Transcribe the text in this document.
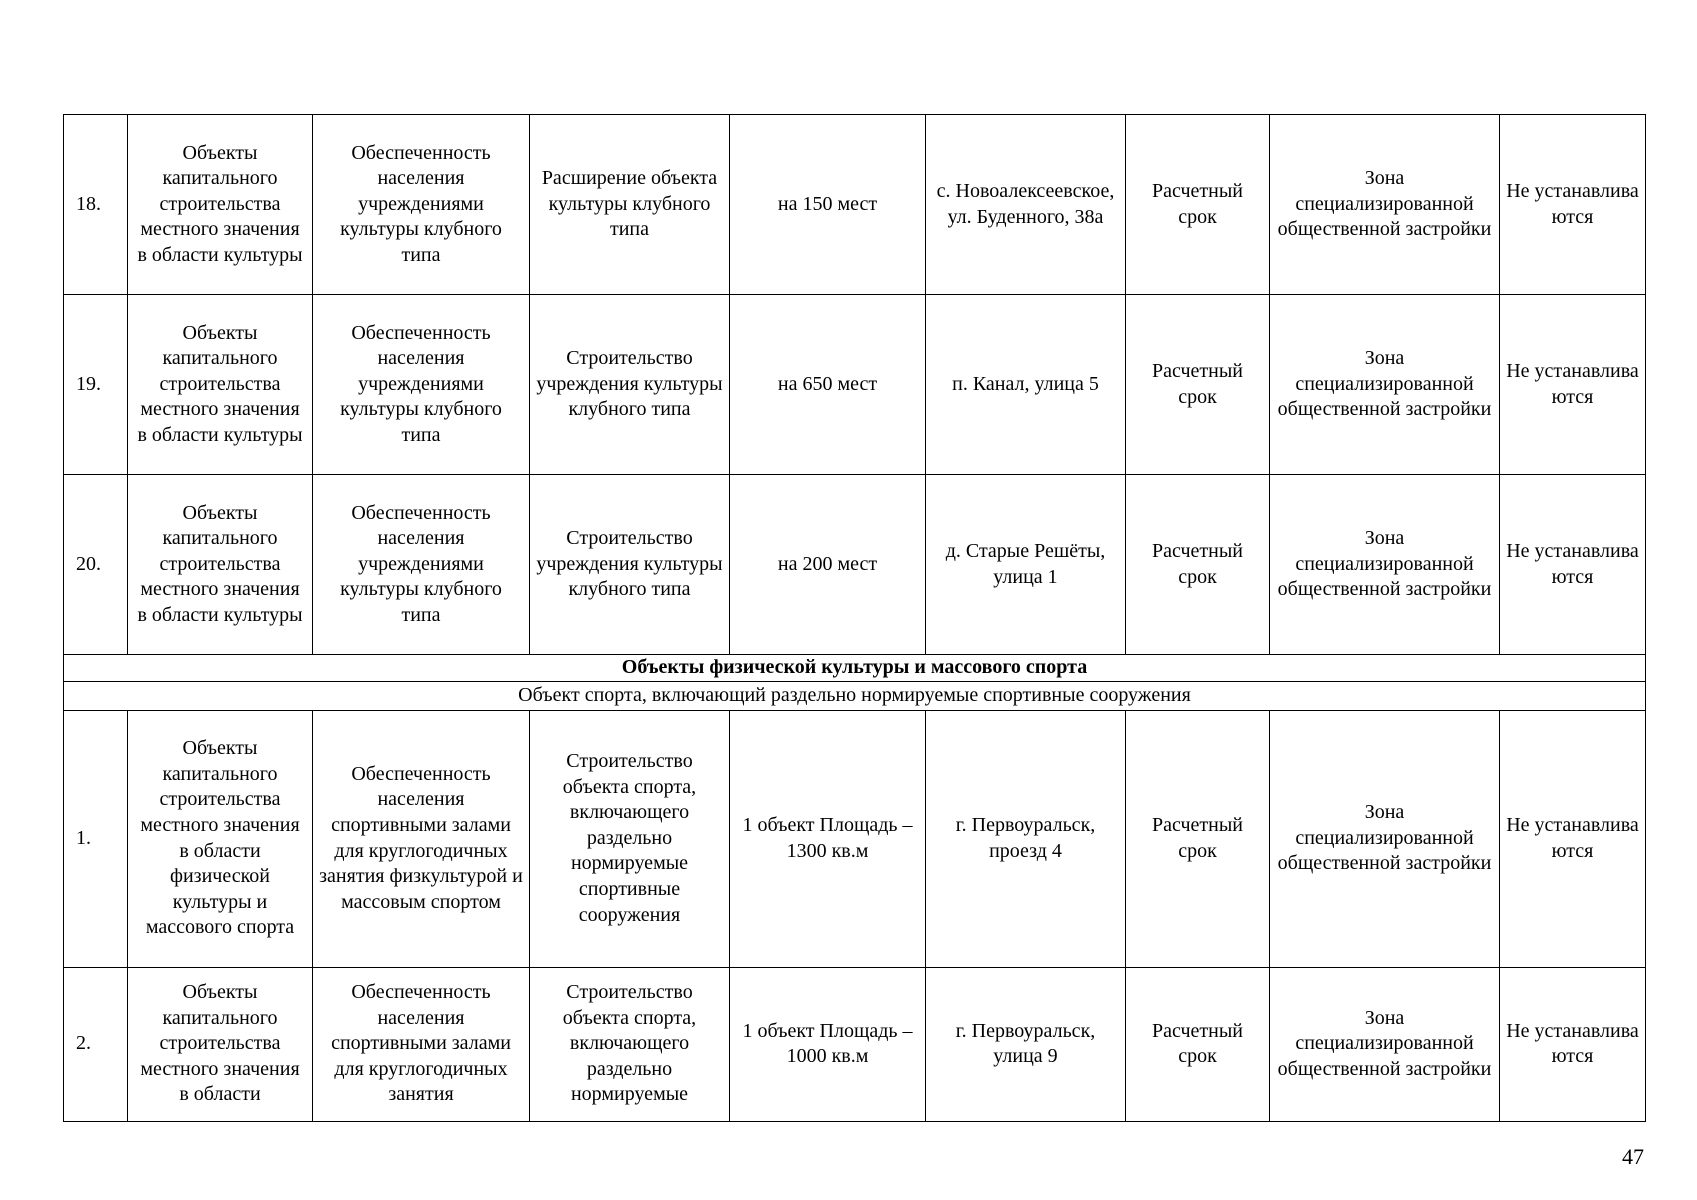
18.	Объекты капитального строительства местного значения в области культуры	Обеспеченность населения учреждениями культуры клубного типа	Расширение объекта культуры клубного типа	на 150 мест	с. Новоалексеевское, ул. Буденного, 38а	Расчетный срок	Зона специализированной общественной застройки	Не устанавлива ются
19.	Объекты капитального строительства местного значения в области культуры	Обеспеченность населения учреждениями культуры клубного типа	Строительство учреждения культуры клубного типа	на 650 мест	п. Канал, улица 5	Расчетный срок	Зона специализированной общественной застройки	Не устанавлива ются
20.	Объекты капитального строительства местного значения в области культуры	Обеспеченность населения учреждениями культуры клубного типа	Строительство учреждения культуры клубного типа	на 200 мест	д. Старые Решёты, улица 1	Расчетный срок	Зона специализированной общественной застройки	Не устанавлива ются
Объекты физической культуры и массового спорта								
Объект спорта, включающий раздельно нормируемые спортивные сооружения								
1.	Объекты капитального строительства местного значения в области физической культуры и массового спорта	Обеспеченность населения спортивными залами для круглогодичных занятия физкультурой и массовым спортом	Строительство объекта спорта, включающего раздельно нормируемые спортивные сооружения	1 объект Площадь – 1300 кв.м	г. Первоуральск, проезд 4	Расчетный срок	Зона специализированной общественной застройки	Не устанавлива ются
2.	Объекты капитального строительства местного значения в области	Обеспеченность населения спортивными залами для круглогодичных занятия	Строительство объекта спорта, включающего раздельно нормируемые	1 объект Площадь – 1000 кв.м	г. Первоуральск, улица 9	Расчетный срок	Зона специализированной общественной застройки	Не устанавлива ются
47
